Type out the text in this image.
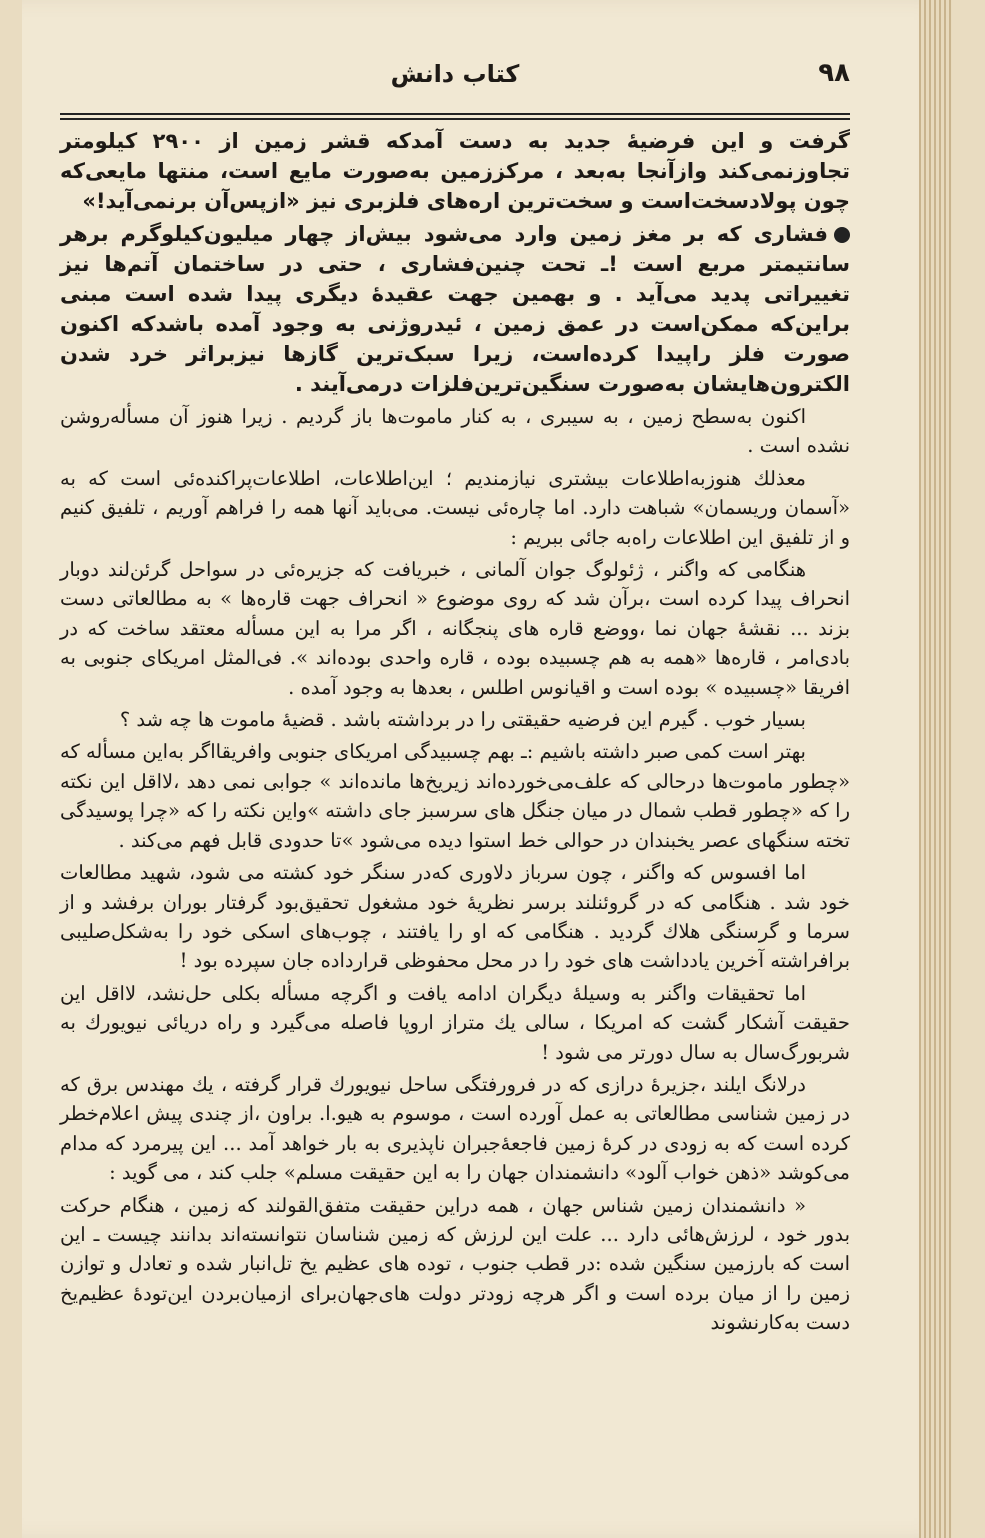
۹۸
کتاب دانش

گرفت و این فرضیهٔ جدید به دست آمدکه قشر زمین از ۲۹۰۰ کیلومتر تجاوزنمی‌کند وازآنجا به‌بعد ، مرکززمین به‌صورت مایع است، منتها مایعی‌که چون پولادسخت‌است و سخت‌ترین اره‌های فلزبری نیز «ازپس‌آن برنمی‌آید!»

فشاری که بر مغز زمین وارد می‌شود بیش‌از چهار میلیون‌کیلوگرم برهر سانتیمتر مربع است !ـ تحت چنین‌فشاری ، حتی در ساختمان آتم‌ها نیز تغییراتی پدید می‌آید . و بهمین جهت عقیدهٔ دیگری پیدا شده است مبنی براین‌که ممکن‌است در عمق زمین ، ئیدروژنی به وجود آمده باشدکه اکنون صورت فلز راپیدا کرده‌است، زیرا سبک‌ترین گازها نیزبراثر خرد شدن الکترون‌هایشان به‌صورت سنگین‌ترین‌فلزات درمی‌آیند .

اکنون به‌سطح زمین ، به سیبری ، به کنار ماموت‌ها باز گردیم . زیرا هنوز آن مسأله‌روشن نشده است .

معذلك هنوز‌به‌اطلاعات بیشتری نیازمندیم ؛ این‌اطلاعات، اطلاعات‌پراکنده‌ئی است که به «آسمان وریسمان» شباهت دارد. اما چاره‌ئی نیست. می‌باید آنها همه را فراهم آوریم ، تلفیق کنیم و از تلفیق این اطلاعات راه‌به جائی ببریم :

هنگامی که واگنر ، ژئولوگ جوان آلمانی ، خبریافت که جزیره‌ئی در سواحل گرئن‌لند دوبار انحراف پیدا کرده است ،برآن شد که روی موضوع « انحراف جهت قاره‌ها » به مطالعاتی دست بزند ... نقشهٔ جهان نما ،ووضع قاره های پنجگانه ، اگر مرا به این مسأله معتقد ساخت که در بادی‌امر ، قاره‌ها «همه به هم چسبیده بوده ، قاره واحدی بوده‌اند ». فی‌المثل امریکای جنوبی به افریقا «چسبیده » بوده است و اقیانوس اطلس ، بعدها به وجود آمده .

بسیار خوب . گیرم این فرضیه حقیقتی را در برداشته باشد . قضیهٔ ماموت ها چه شد ؟

بهتر است کمی صبر داشته باشیم :ـ بهم چسبیدگی امریکای جنوبی وافریقااگر به‌این مسأله که «چطور ماموت‌ها درحالی که علف‌می‌خورده‌اند زیریخ‌ها مانده‌اند » جوابی نمی دهد ،لااقل این نکته را که «چطور قطب شمال در میان جنگل های سرسبز جای داشته »واین نکته را که «چرا پوسیدگی تخته سنگهای عصر یخبندان در حوالی خط استوا دیده می‌شود »تا حدودی قابل فهم می‌کند .

اما افسوس که واگنر ، چون سرباز دلاوری که‌در سنگر خود کشته می شود، شهید مطالعات خود شد . هنگامی که در گروئنلند برسر نظریهٔ خود مشغول تحقیق‌بود گرفتار بوران برفشد و از سرما و گرسنگی هلاك گردید . هنگامی که او را یافتند ، چوب‌های اسکی خود را به‌شکل‌صلیبی برافراشته آخرین یادداشت های خود را در محل محفوظی قرارداده جان سپرده بود !

اما تحقیقات واگنر به وسیلهٔ دیگران ادامه یافت و اگرچه مسأله بکلی حل‌نشد، لااقل این حقیقت آشکار گشت که امریکا ، سالی یك متراز اروپا فاصله می‌گیرد و راه دریائی نیویورك به شربورگ‌سال به سال دورتر می شود !

درلانگ ایلند ،جزیرهٔ درازی که در فرورفتگی ساحل نیویورك قرار گرفته ، یك مهندس برق که در زمین شناسی مطالعاتی به عمل آورده است ، موسوم به هیو.ا. براون ،از چندی پیش اعلام‌خطر کرده است که به زودی در کرهٔ زمین فاجعهٔ‌جبران ناپذیری به بار خواهد آمد ... این پیرمرد که مدام می‌کوشد «ذهن خواب آلود» دانشمندان جهان را به این حقیقت مسلم» جلب کند ، می گوید :

« دانشمندان زمین شناس جهان ، همه دراین حقیقت متفق‌القولند که زمین ، هنگام حرکت بدور خود ، لرزش‌هائی دارد ... علت این لرزش که زمین شناسان نتوانسته‌اند بدانند چیست ـ این است که بارزمین سنگین شده :در قطب جنوب ، توده های عظیم یخ تل‌انبار شده و تعادل و توازن زمین را از میان برده است و اگر هرچه زودتر دولت های‌جهان‌برای ازمیان‌بردن این‌تودهٔ عظیم‌یخ دست به‌کارنشوند
